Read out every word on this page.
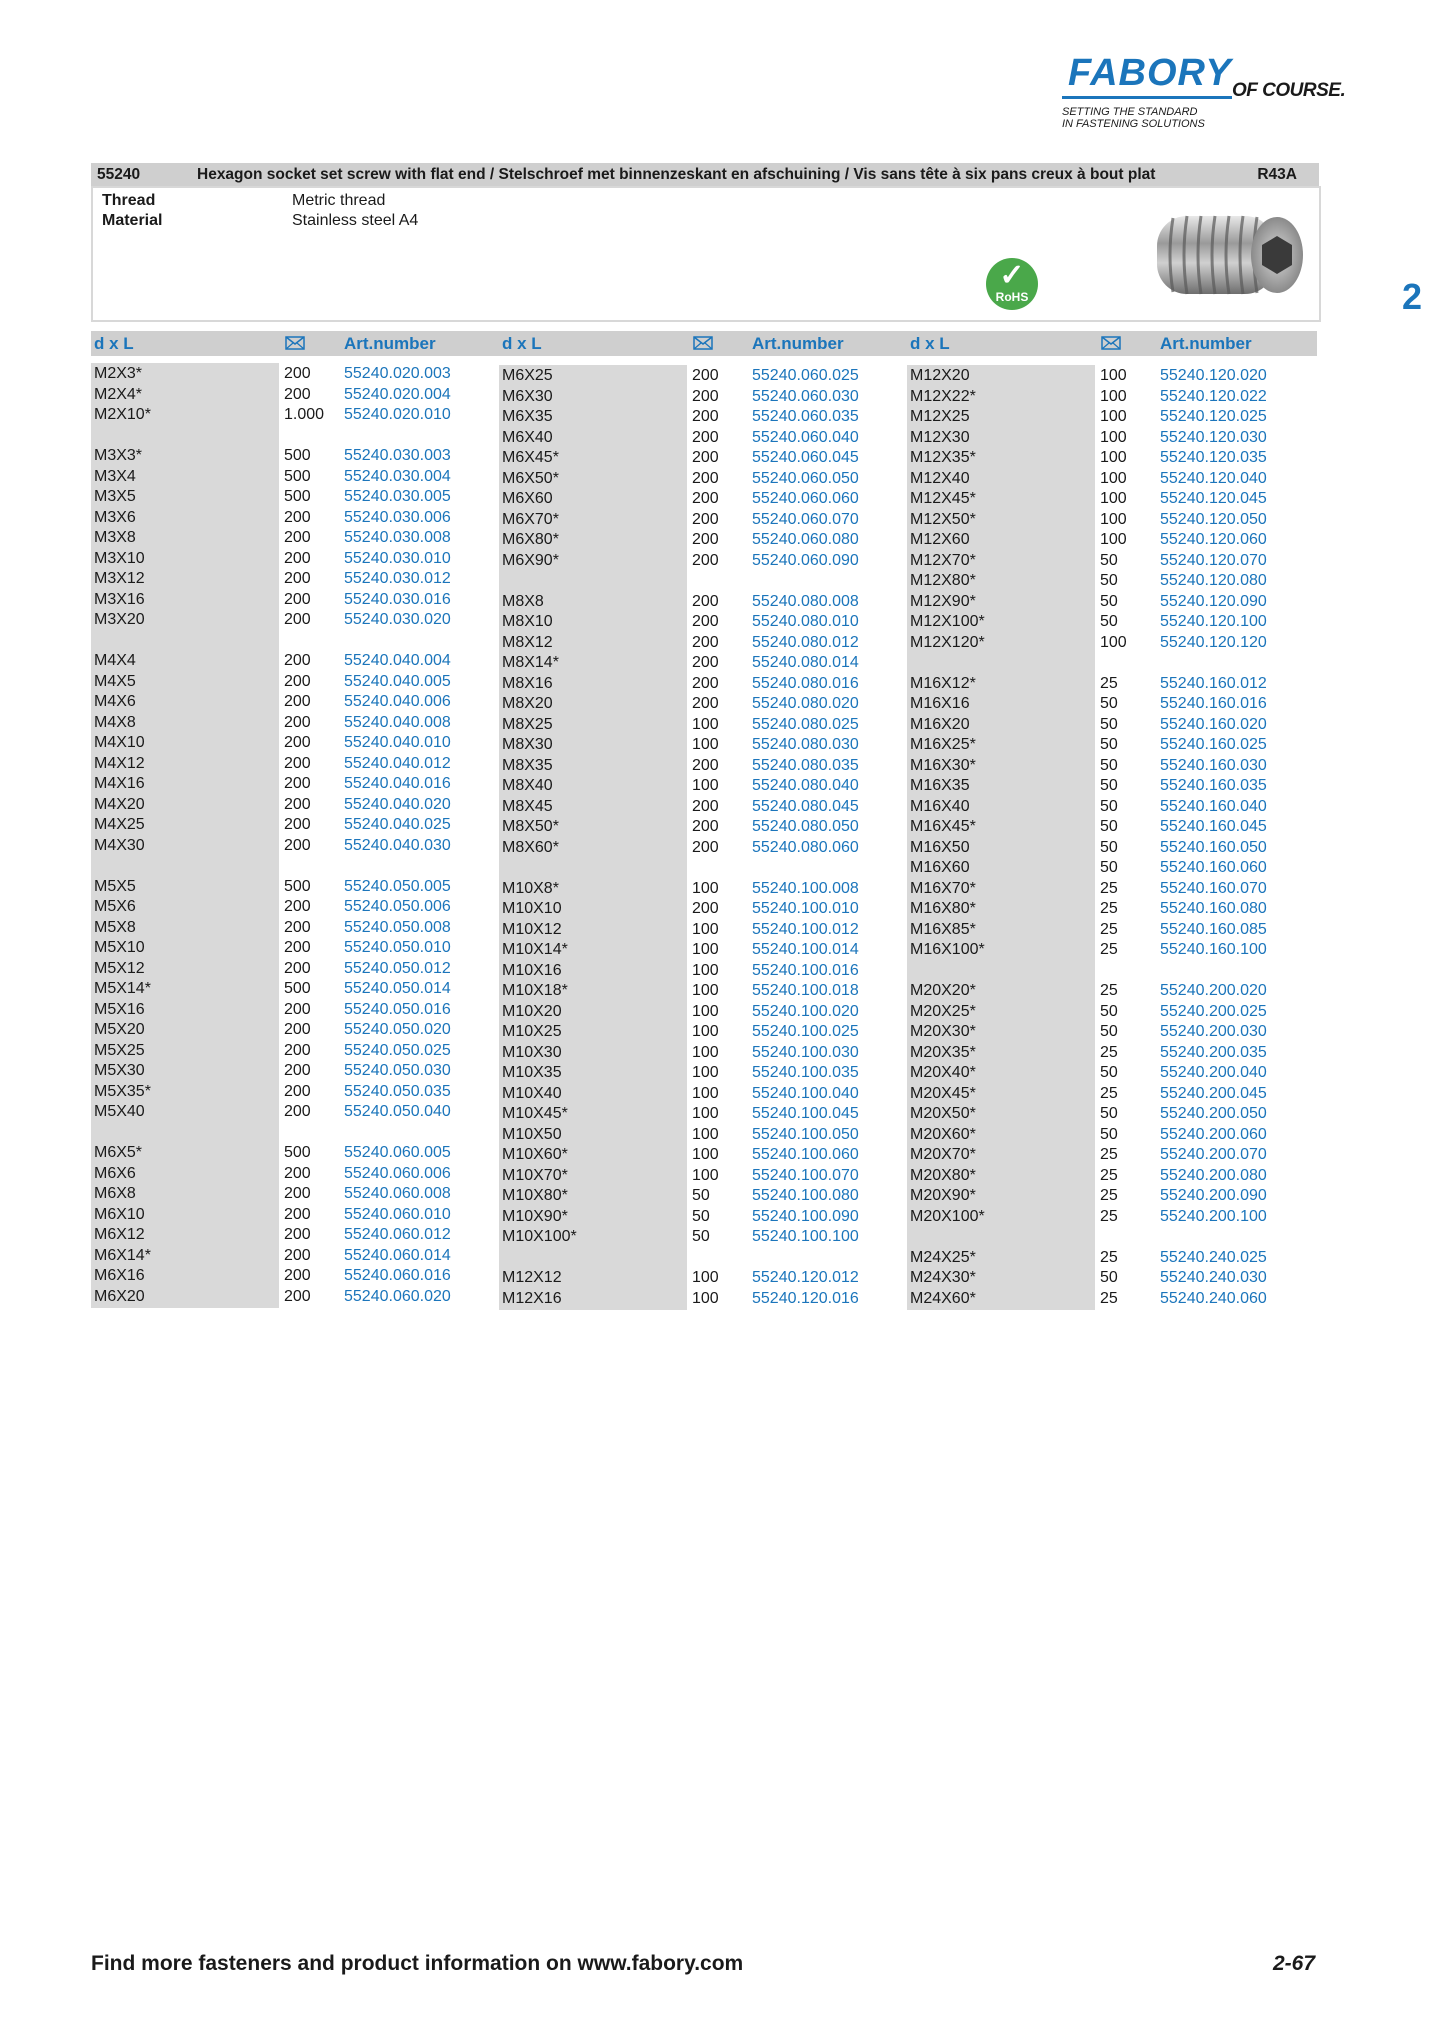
FABORY OF COURSE.
SETTING THE STANDARD
IN FASTENING SOLUTIONS
2
55240	Hexagon socket set screw with flat end / Stelschroef met binnenzeskant en afschuining / Vis sans tête à six pans creux à bout plat	R43A
Thread	Metric thread
Material	Stainless steel A4
✓
RoHS
d x L	Art.number
M2X3*	200 55240.020.003
M2X4*	200 55240.020.004
M2X10*	1.000 55240.020.010
M3X3*	500 55240.030.003
M3X4	500 55240.030.004
M3X5	500 55240.030.005
M3X6	200 55240.030.006
M3X8	200 55240.030.008
M3X10	200 55240.030.010
M3X12	200 55240.030.012
M3X16	200 55240.030.016
M3X20	200 55240.030.020
M4X4	200 55240.040.004
M4X5	200 55240.040.005
M4X6	200 55240.040.006
M4X8	200 55240.040.008
M4X10	200 55240.040.010
M4X12	200 55240.040.012
M4X16	200 55240.040.016
M4X20	200 55240.040.020
M4X25	200 55240.040.025
M4X30	200 55240.040.030
M5X5	500 55240.050.005
M5X6	200 55240.050.006
M5X8	200 55240.050.008
M5X10	200 55240.050.010
M5X12	200 55240.050.012
M5X14*	500 55240.050.014
M5X16	200 55240.050.016
M5X20	200 55240.050.020
M5X25	200 55240.050.025
M5X30	200 55240.050.030
M5X35*	200 55240.050.035
M5X40	200 55240.050.040
M6X5*	500 55240.060.005
M6X6	200 55240.060.006
M6X8	200 55240.060.008
M6X10	200 55240.060.010
M6X12	200 55240.060.012
M6X14*	200 55240.060.014
M6X16	200 55240.060.016
M6X20	200 55240.060.020
d x L	Art.number
M6X25	200 55240.060.025
M6X30	200 55240.060.030
M6X35	200 55240.060.035
M6X40	200 55240.060.040
M6X45*	200 55240.060.045
M6X50*	200 55240.060.050
M6X60	200 55240.060.060
M6X70*	200 55240.060.070
M6X80*	200 55240.060.080
M6X90*	200 55240.060.090
M8X8	200 55240.080.008
M8X10	200 55240.080.010
M8X12	200 55240.080.012
M8X14*	200 55240.080.014
M8X16	200 55240.080.016
M8X20	200 55240.080.020
M8X25	100 55240.080.025
M8X30	100 55240.080.030
M8X35	200 55240.080.035
M8X40	100 55240.080.040
M8X45	200 55240.080.045
M8X50*	200 55240.080.050
M8X60*	200 55240.080.060
M10X8*	100 55240.100.008
M10X10	200 55240.100.010
M10X12	100 55240.100.012
M10X14*	100 55240.100.014
M10X16	100 55240.100.016
M10X18*	100 55240.100.018
M10X20	100 55240.100.020
M10X25	100 55240.100.025
M10X30	100 55240.100.030
M10X35	100 55240.100.035
M10X40	100 55240.100.040
M10X45*	100 55240.100.045
M10X50	100 55240.100.050
M10X60*	100 55240.100.060
M10X70*	100 55240.100.070
M10X80*	50	55240.100.080
M10X90*	50	55240.100.090
M10X100*	50	55240.100.100
M12X12	100 55240.120.012
M12X16	100 55240.120.016
d x L	Art.number
M12X20	100 55240.120.020
M12X22*	100 55240.120.022
M12X25	100 55240.120.025
M12X30	100 55240.120.030
M12X35*	100 55240.120.035
M12X40	100 55240.120.040
M12X45*	100 55240.120.045
M12X50*	100 55240.120.050
M12X60	100 55240.120.060
M12X70*	50	55240.120.070
M12X80*	50	55240.120.080
M12X90*	50	55240.120.090
M12X100*	50	55240.120.100
M12X120*	100 55240.120.120
M16X12*	25	55240.160.012
M16X16	50	55240.160.016
M16X20	50	55240.160.020
M16X25*	50	55240.160.025
M16X30*	50	55240.160.030
M16X35	50	55240.160.035
M16X40	50	55240.160.040
M16X45*	50	55240.160.045
M16X50	50	55240.160.050
M16X60	50	55240.160.060
M16X70*	25	55240.160.070
M16X80*	25	55240.160.080
M16X85*	25	55240.160.085
M16X100*	25	55240.160.100
M20X20*	25	55240.200.020
M20X25*	50	55240.200.025
M20X30*	50	55240.200.030
M20X35*	25	55240.200.035
M20X40*	50	55240.200.040
M20X45*	25	55240.200.045
M20X50*	50	55240.200.050
M20X60*	50	55240.200.060
M20X70*	25	55240.200.070
M20X80*	25	55240.200.080
M20X90*	25	55240.200.090
M20X100*	25	55240.200.100
M24X25*	25	55240.240.025
M24X30*	50	55240.240.030
M24X60*	25	55240.240.060
Find more fasteners and product information on www.fabory.com	2-67
